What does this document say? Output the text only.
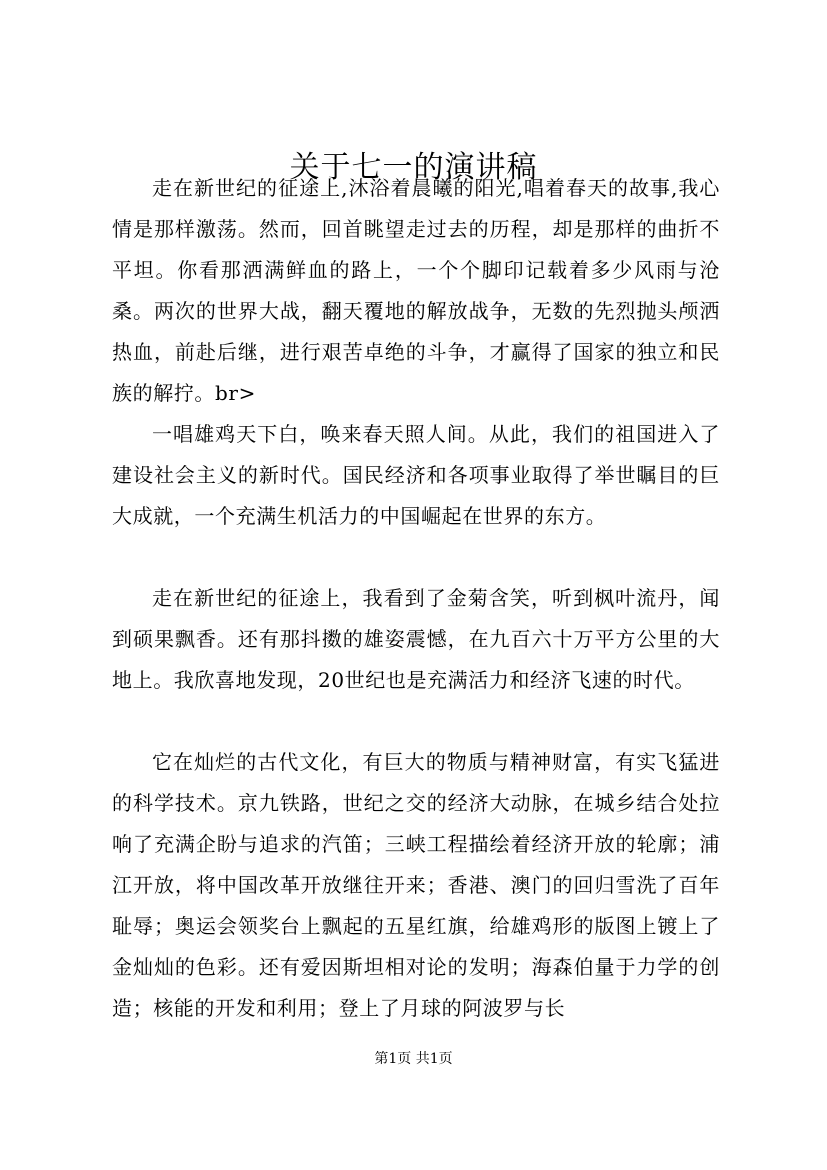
关于七一的演讲稿

走在新世纪的征途上,沐浴着晨曦的阳光,唱着春天的故事,我心情是那样激荡。然而，回首眺望走过去的历程，却是那样的曲折不平坦。你看那洒满鲜血的路上，一个个脚印记载着多少风雨与沧桑。两次的世界大战，翻天覆地的解放战争，无数的先烈抛头颅洒热血，前赴后继，进行艰苦卓绝的斗争，才赢得了国家的独立和民族的解拧。br>

一唱雄鸡天下白，唤来春天照人间。从此，我们的祖国进入了建设社会主义的新时代。国民经济和各项事业取得了举世瞩目的巨大成就，一个充满生机活力的中国崛起在世界的东方。

走在新世纪的征途上，我看到了金菊含笑，听到枫叶流丹，闻到硕果飘香。还有那抖擞的雄姿震憾，在九百六十万平方公里的大地上。我欣喜地发现，20世纪也是充满活力和经济飞速的时代。

它在灿烂的古代文化，有巨大的物质与精神财富，有实飞猛进的科学技术。京九铁路，世纪之交的经济大动脉，在城乡结合处拉响了充满企盼与追求的汽笛；三峡工程描绘着经济开放的轮廓；浦江开放，将中国改革开放继往开来；香港、澳门的回归雪洗了百年耻辱；奥运会领奖台上飘起的五星红旗，给雄鸡形的版图上镀上了金灿灿的色彩。还有爱因斯坦相对论的发明；海森伯量于力学的创造；核能的开发和利用；登上了月球的阿波罗与长

第1页 共1页
